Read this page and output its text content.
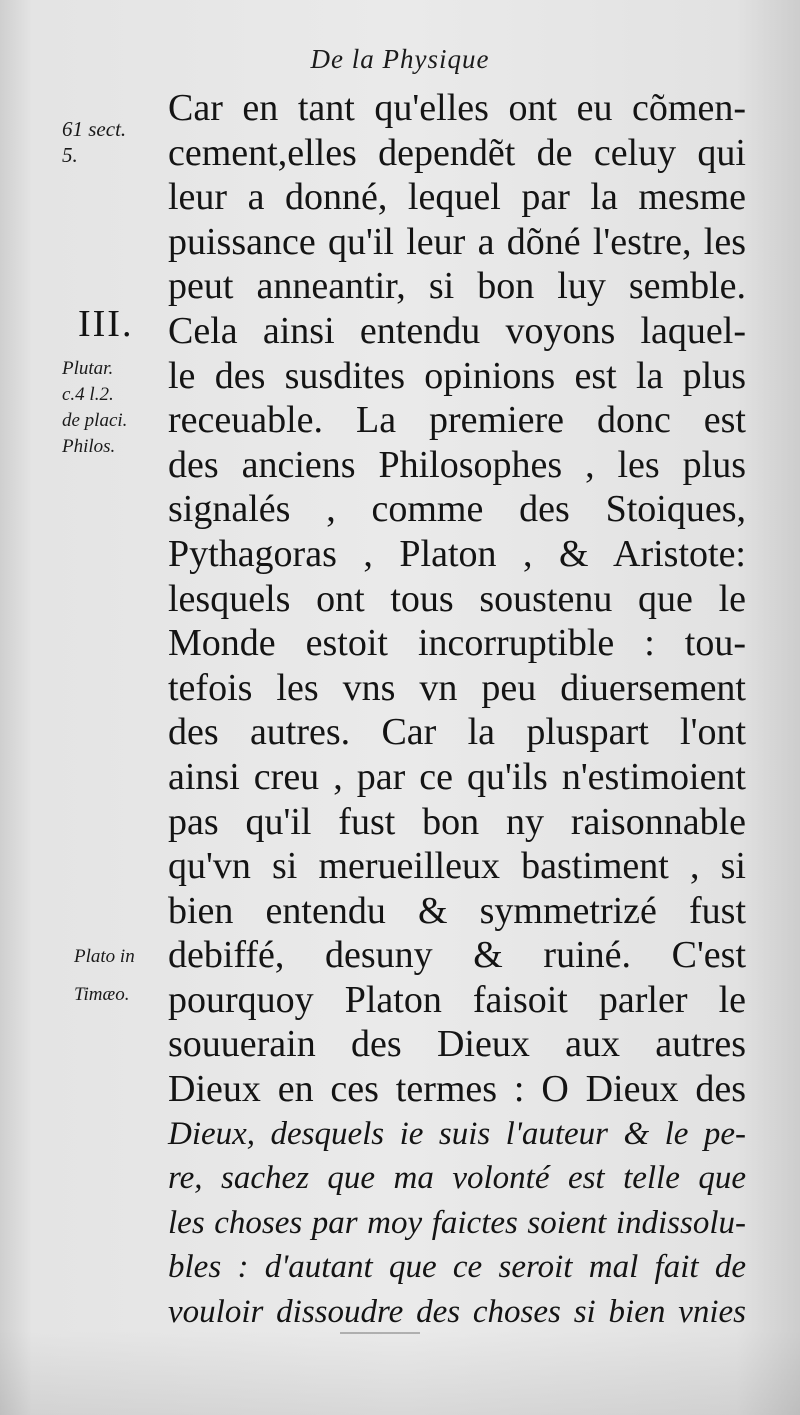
De la Physique
61 sect.
5.
III.
Plutar.
c.4 l.2.
de placi.
Philos.
Plato in
Timæo.
Car en tant qu'elles ont eu cõmen-
cement,elles dependẽt de celuy qui
leur a donné, lequel par la mesme
puissance qu'il leur a dõné l'estre, les
peut anneantir, si bon luy semble.
Cela ainsi entendu voyons laquel-
le des susdites opinions est la plus
receuable. La premiere donc est
des anciens Philosophes , les plus
signalés , comme des Stoiques,
Pythagoras , Platon , & Aristote:
lesquels ont tous soustenu que le
Monde estoit incorruptible : tou-
tefois les vns vn peu diuersement
des autres. Car la pluspart l'ont
ainsi creu , par ce qu'ils n'estimoient
pas qu'il fust bon ny raisonnable
qu'vn si merueilleux bastiment , si
bien entendu & symmetrizé fust
debiffé, desuny & ruiné. C'est
pourquoy Platon faisoit parler le
souuerain des Dieux aux autres
Dieux en ces termes : O Dieux des
Dieux, desquels ie suis l'auteur & le pe-
re, sachez que ma volonté est telle que
les choses par moy faictes soient indissolu-
bles : d'autant que ce seroit mal fait de
vouloir dissoudre des choses si bien vnies
